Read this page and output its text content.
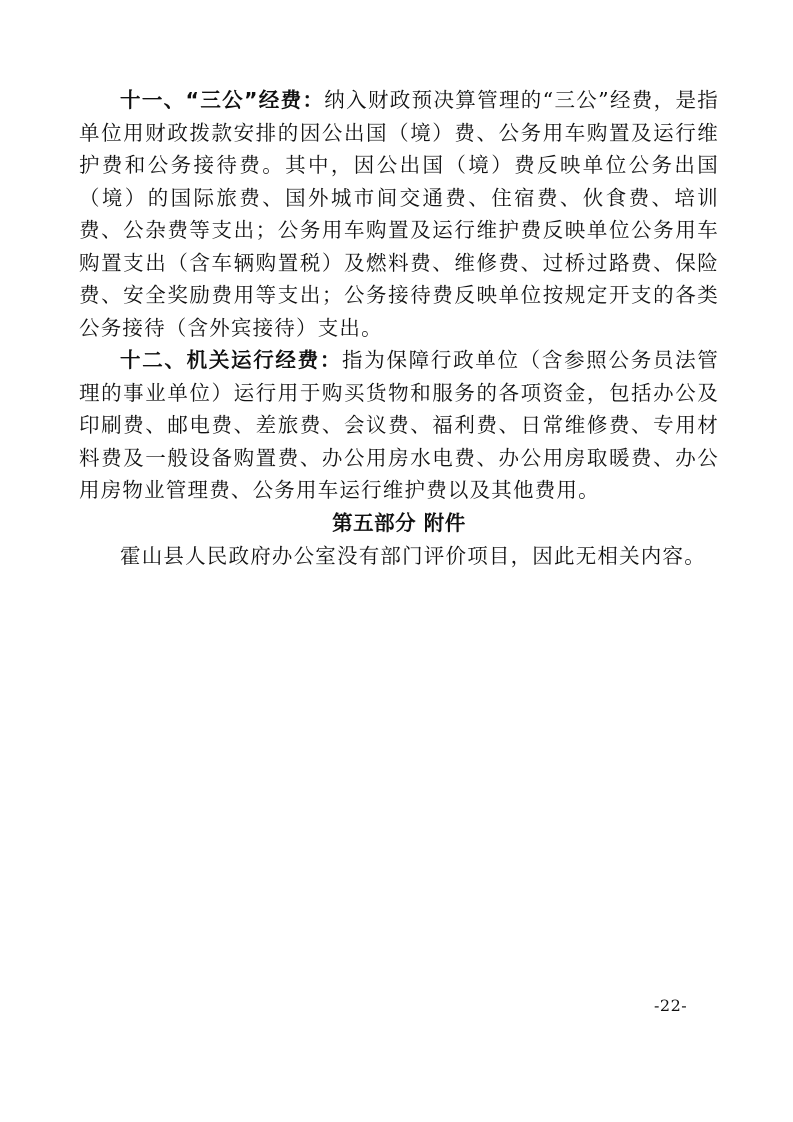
十一、“三公”经费：纳入财政预决算管理的“三公”经费，是指单位用财政拨款安排的因公出国（境）费、公务用车购置及运行维护费和公务接待费。其中，因公出国（境）费反映单位公务出国（境）的国际旅费、国外城市间交通费、住宿费、伙食费、培训费、公杂费等支出；公务用车购置及运行维护费反映单位公务用车购置支出（含车辆购置税）及燃料费、维修费、过桥过路费、保险费、安全奖励费用等支出；公务接待费反映单位按规定开支的各类公务接待（含外宾接待）支出。

十二、机关运行经费：指为保障行政单位（含参照公务员法管理的事业单位）运行用于购买货物和服务的各项资金，包括办公及印刷费、邮电费、差旅费、会议费、福利费、日常维修费、专用材料费及一般设备购置费、办公用房水电费、办公用房取暖费、办公用房物业管理费、公务用车运行维护费以及其他费用。

第五部分 附件

霍山县人民政府办公室没有部门评价项目，因此无相关内容。

-22-
